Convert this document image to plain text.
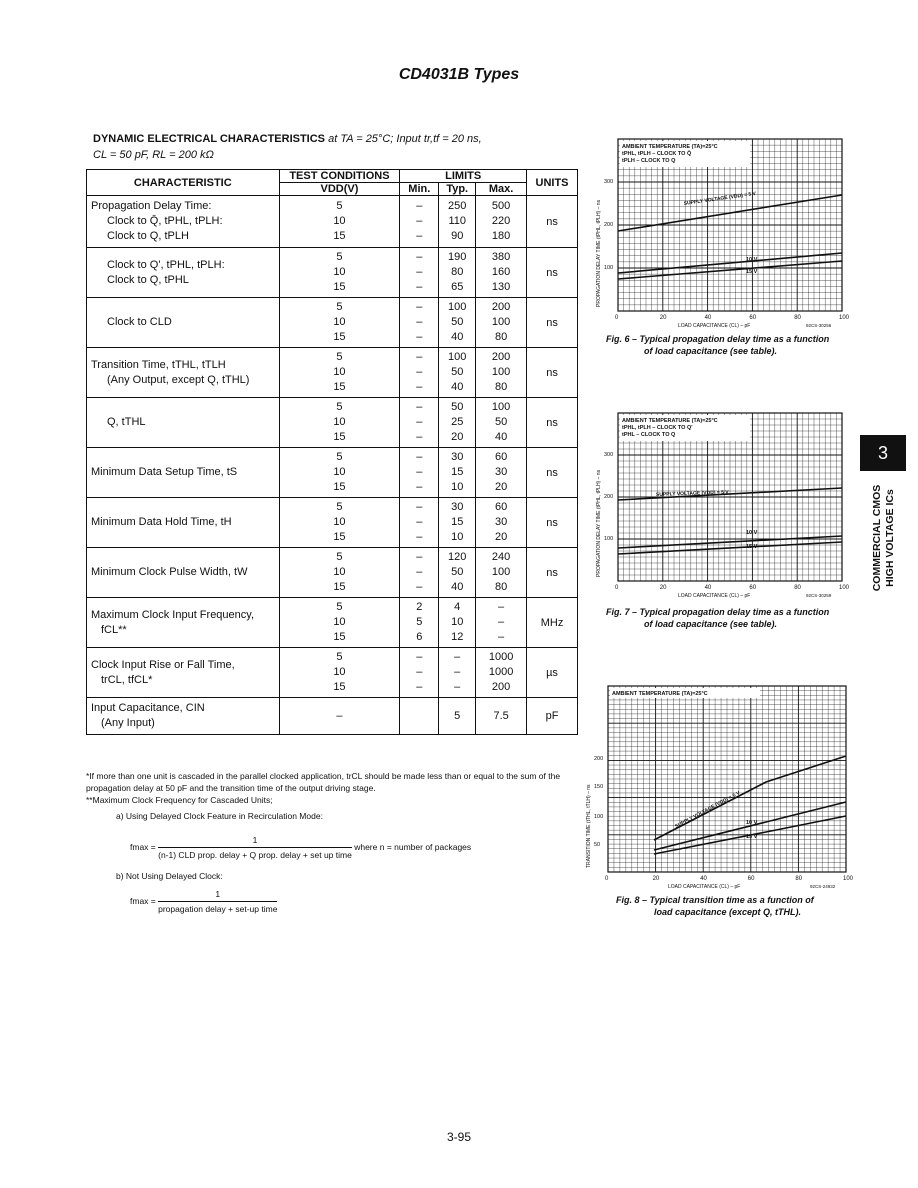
CD4031B Types
DYNAMIC ELECTRICAL CHARACTERISTICS at TA = 25°C; Input tr,tf = 20 ns,
CL = 50 pF, RL = 200 kΩ
CHARACTERISTIC	TEST CONDITIONS	LIMITS			UNITS
	VDD(V)	Min.	Typ.	Max.	

Propagation Delay Time:
Clock to Q̄, tPHL, tPLH:
Clock to Q, tPLH	5
10
15	–
–
–	250
110
90	500
220
180	ns

Clock to Q', tPHL, tPLH:
Clock to Q, tPHL	5
10
15	–
–
–	190
80
65	380
160
130	ns

Clock to CLD	5
10
15	–
–
–	100
50
40	200
100
80	ns

Transition Time, tTHL, tTLH
(Any Output, except Q, tTHL)	5
10
15	–
–
–	100
50
40	200
100
80	ns

Q, tTHL	5
10
15	–
–
–	50
25
20	100
50
40	ns

Minimum Data Setup Time, tS	5
10
15	–
–
–	30
15
10	60
30
20	ns

Minimum Data Hold Time, tH	5
10
15	–
–
–	30
15
10	60
30
20	ns

Minimum Clock Pulse Width, tW	5
10
15	–
–
–	120
50
40	240
100
80	ns

Maximum Clock Input Frequency,
fCL**	5
10
15	2
5
6	4
10
12	–
–
–	MHz

Clock Input Rise or Fall Time,
trCL, tfCL*	5
10
15	–
–
–	–
–
–	1000
1000
200	µs

Input Capacitance, CIN
(Any Input)	–		5	7.5	pF
*If more than one unit is cascaded in the parallel clocked application, trCL should be made less than or equal to the sum of the propagation delay at 50 pF and the transition time of the output driving stage.
**Maximum Clock Frequency for Cascaded Units;
a) Using Delayed Clock Feature in Recirculation Mode:
$fmax = \frac{1}{\text{(n-1) CLD prop. delay + Q prop. delay + set up time}}$ where n = number of packages
b) Not Using Delayed Clock:
$fmax = \frac{1}{\text{propagation delay + set-up time}}$
AMBIENT TEMPERATURE (TA)=25°C
tPHL, tPLH – CLOCK TO Q̄
tPLH – CLOCK TO Q
SUPPLY VOLTAGE (VDD) = 5 V
10 V
15 V
0	20	40	60	80	100
300
200
100
LOAD CAPACITANCE (CL) – pF	92CS-30256
PROPAGATION DELAY TIME (tPHL, tPLH) – ns
Fig. 6 – Typical propagation delay time as a function
of load capacitance (see table).
AMBIENT TEMPERATURE (TA)=25°C
tPHL, tPLH – CLOCK TO Q'
tPHL – CLOCK TO Q
SUPPLY VOLTAGE (VDD) = 5 V
10 V
15 V
0	20	40	60	80	100
300
200
100
LOAD CAPACITANCE (CL) – pF	92CS-30259
PROPAGATION DELAY TIME (tPHL, tPLH) – ns
Fig. 7 – Typical propagation delay time as a function
of load capacitance (see table).
AMBIENT TEMPERATURE (TA)=25°C
SUPPLY VOLTAGE (VDD) = 5 V 10 V
15 V
0	20	40	60	80	100
200
150
100
50
LOAD CAPACITANCE (CL) – pF	92CS-24932
TRANSITION TIME (tTHL, tTLH) – ns
Fig. 8 – Typical transition time as a function of
load capacitance (except Q, tTHL).
3
COMMERCIAL CMOS
HIGH VOLTAGE ICs
3-95
